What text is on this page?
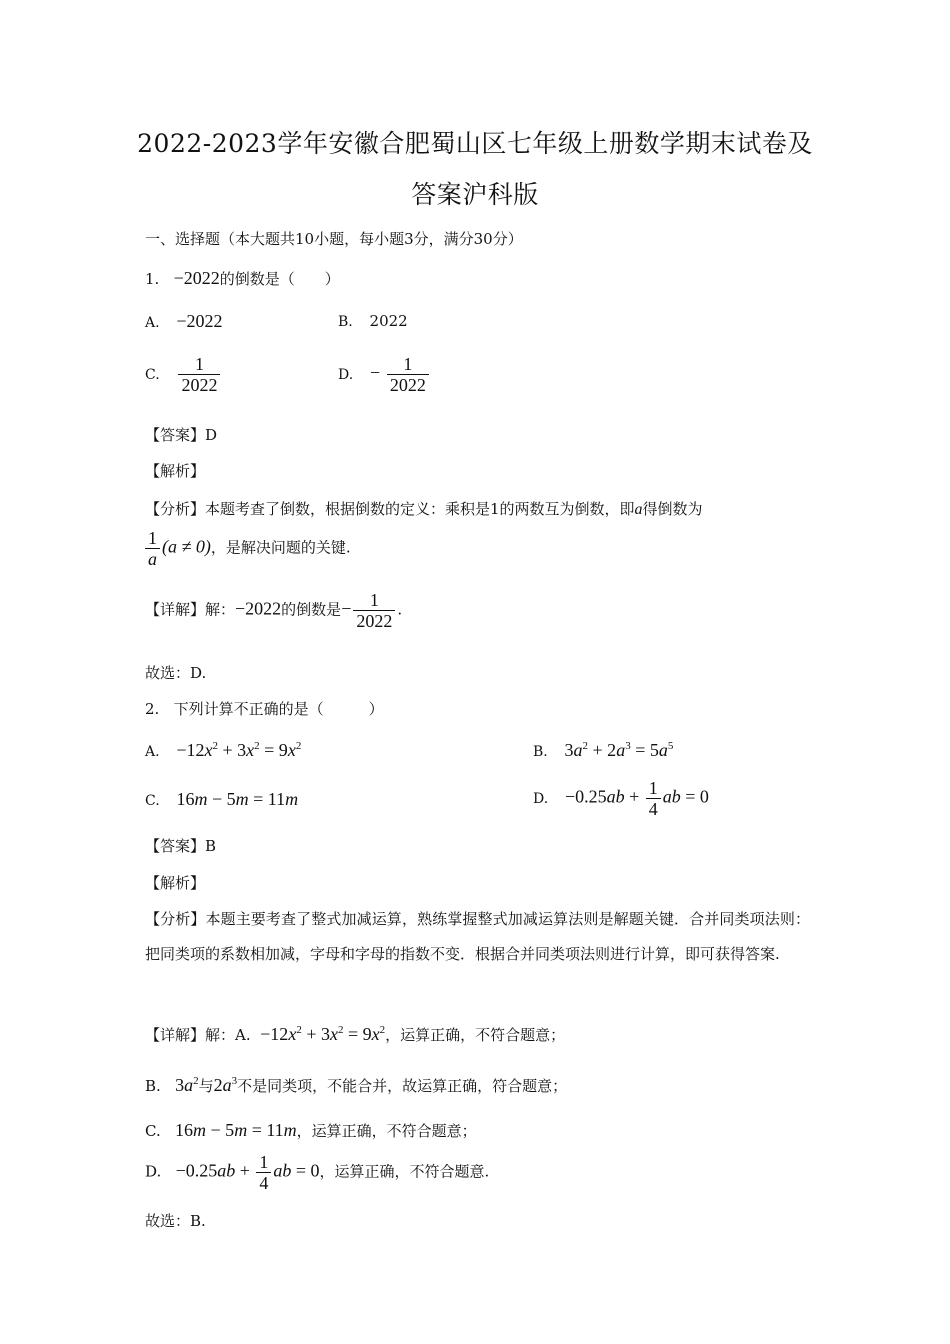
2022-2023学年安徽合肥蜀山区七年级上册数学期末试卷及
答案沪科版
一、选择题（本大题共10小题，每小题3分，满分30分）
1. −2022的倒数是（　　）
A. −2022	B. 2022
C. $\frac{1}{2022}$	D. − $\frac{1}{2022}$
【答案】D
【解析】
【分析】本题考查了倒数，根据倒数的定义：乘积是1的两数互为倒数，即a得倒数为
$\frac{1}{a} (a \ne 0)$，是解决问题的关键.
【详解】解：−2022的倒数是− $\frac{1}{2022}$ .
故选：D.
2. 下列计算不正确的是（　　　）
A. $-12x^2 + 3x^2 = 9x^2$	B. $3a^2 + 2a^3 = 5a^5$
C. 16m − 5m = 11m	D. $-0.25ab + \frac{1}{4}$ ab = 0
【答案】B
【解析】
【分析】本题主要考查了整式加减运算，熟练掌握整式加减运算法则是解题关键．合并同类项法则：把同类项的系数相加减，字母和字母的指数不变．根据合并同类项法则进行计算，即可获得答案.
【详解】解：A. $-12x^2 + 3x^2 = 9x^2$，运算正确，不符合题意；
B. $3a^2$与$2a^3$不是同类项，不能合并，故运算正确，符合题意；
C. 16m − 5m = 11m，运算正确，不符合题意；
D. $-0.25ab + \frac{1}{4}$ ab = 0，运算正确，不符合题意.
故选：B.
